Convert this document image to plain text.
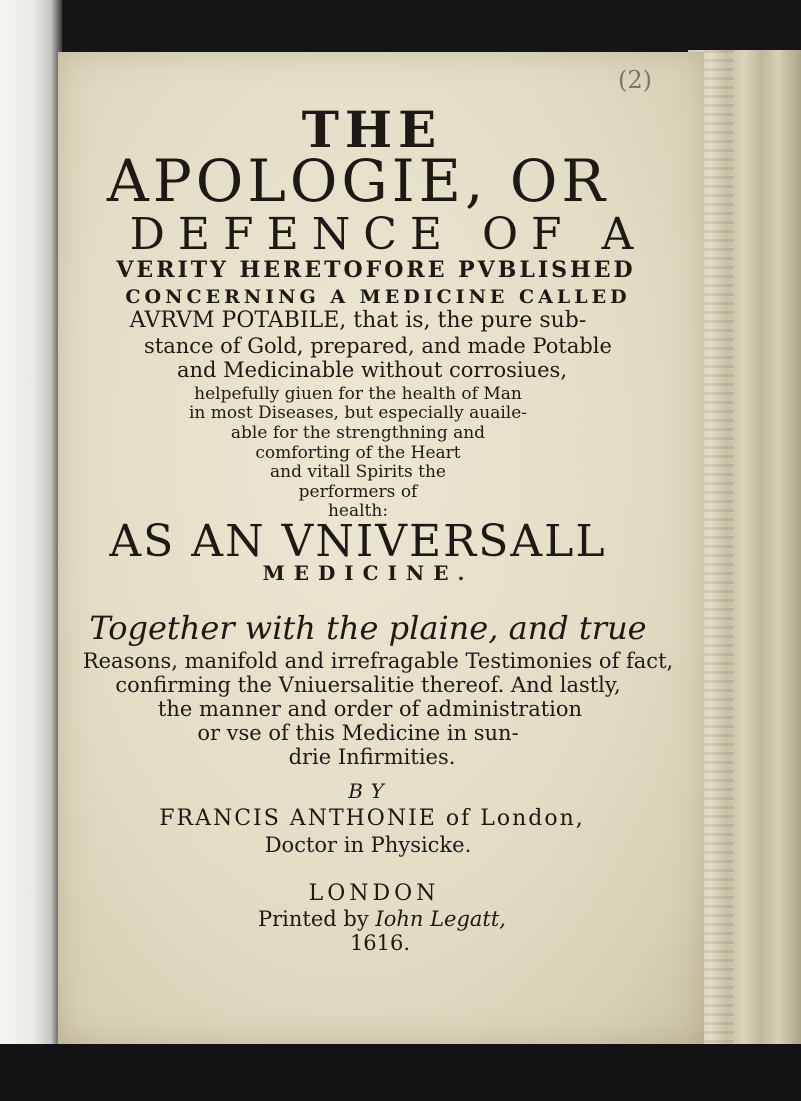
(2)
THE
APOLOGIE, OR
DEFENCE OF A
VERITY HERETOFORE PVBLISHED
CONCERNING A MEDICINE CALLED
AVRVM POTABILE, that is, the pure sub-
stance of Gold, prepared, and made Potable
and Medicinable without corrosiues,
helpefully giuen for the health of Man
in most Diseases, but especially auaile-
able for the strengthning and
comforting of the Heart
and vitall Spirits the
performers of
health:
AS AN VNIVERSALL
MEDICINE.
Together with the plaine, and true
Reasons, manifold and irrefragable Testimonies of fact,
confirming the Vniuersalitie thereof. And lastly,
the manner and order of administration
or vse of this Medicine in sun-
drie Infirmities.
BY
FRANCIS ANTHONIE of London,
Doctor in Physicke.
LONDON
Printed by Iohn Legatt,
1616.
